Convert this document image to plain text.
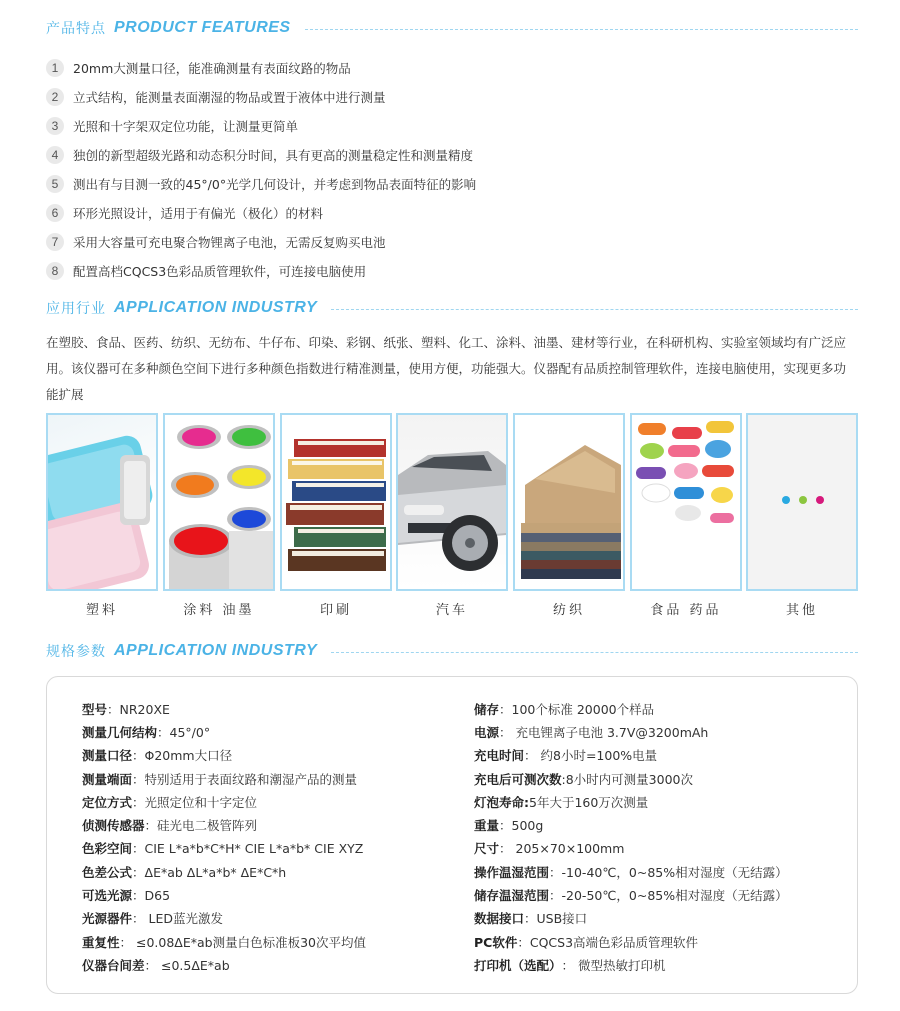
产品特点 PRODUCT FEATURES
1	20mm大测量口径，能准确测量有表面纹路的物品
2	立式结构，能测量表面潮湿的物品或置于液体中进行测量
3	光照和十字架双定位功能，让测量更简单
4	独创的新型超级光路和动态积分时间，具有更高的测量稳定性和测量精度
5	测出有与目测一致的45°/0°光学几何设计，并考虑到物品表面特征的影响
6	环形光照设计，适用于有偏光（极化）的材料
7	采用大容量可充电聚合物锂离子电池，无需反复购买电池
8	配置高档CQCS3色彩品质管理软件，可连接电脑使用
应用行业 APPLICATION INDUSTRY

在塑胶、食品、医药、纺织、无纺布、牛仔布、印染、彩钢、纸张、塑料、化工、涂料、油墨、建材等行业，在科研机构、实验室领域均有广泛应用。该仪器可在多种颜色空间下进行多种颜色指数进行精准测量，使用方便，功能强大。仪器配有品质控制管理软件，连接电脑使用，实现更多功能扩展

塑料	涂料 油墨	印刷	汽车	纺织	食品 药品	其他
规格参数 APPLICATION INDUSTRY
型号 ：NR20XE
测量几何结构 ：45°/0°
测量口径 ：Φ20mm大口径
测量端面 ：特别适用于表面纹路和潮湿产品的测量
定位方式 ：光照定位和十字定位
侦测传感器 ：硅光电二极管阵列
色彩空间 ：CIE L*a*b*C*H* CIE L*a*b* CIE XYZ
色差公式 ：ΔE*ab ΔL*a*b* ΔE*C*h
可选光源 ：D65
光源器件 ： LED蓝光激发
重复性 ： ≤0.08ΔE*ab测量白色标准板30次平均值
仪器台间差 ： ≤0.5ΔE*ab
储存 ：100个标准 20000个样品
电源 ： 充电锂离子电池 3.7V@3200mAh
充电时间 ： 约8小时=100%电量
充电后可测次数 :8小时内可测量3000次
灯泡寿命: 5年大于160万次测量
重量 ：500g
尺寸 ： 205×70×100mm
操作温湿范围 ：-10-40℃，0~85%相对湿度（无结露）
储存温湿范围 ：-20-50℃，0~85%相对湿度（无结露）
数据接口 ：USB接口
PC软件 ：CQCS3高端色彩品质管理软件
打印机（选配） ： 微型热敏打印机
